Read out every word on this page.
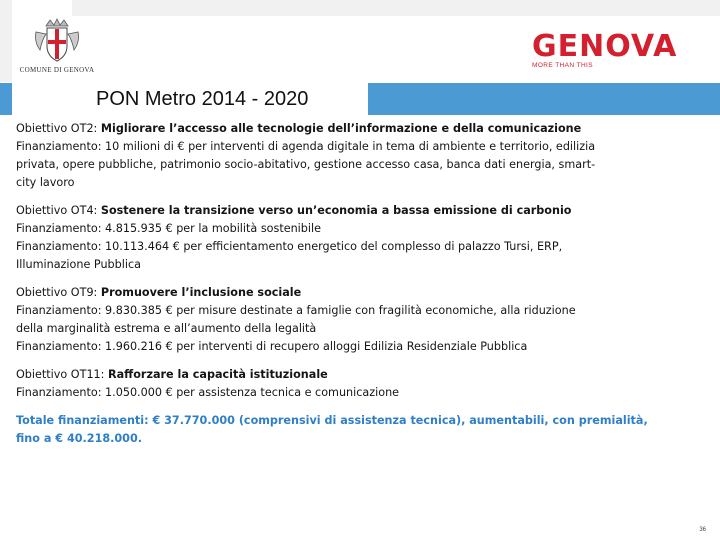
COMUNE DI GENOVA
GENOVA
MORE THAN THIS
PON Metro 2014 - 2020
Obiettivo OT2: Migliorare l’accesso alle tecnologie dell’informazione e della comunicazione
Finanziamento: 10 milioni di € per interventi di agenda digitale in tema di ambiente e territorio, edilizia
privata, opere pubbliche, patrimonio socio-abitativo, gestione accesso casa, banca dati energia, smart-
city lavoro
Obiettivo OT4: Sostenere la transizione verso un’economia a bassa emissione di carbonio
Finanziamento: 4.815.935 € per la mobilità sostenibile
Finanziamento: 10.113.464 € per efficientamento energetico del complesso di palazzo Tursi, ERP,
Illuminazione Pubblica
Obiettivo OT9: Promuovere l’inclusione sociale
Finanziamento: 9.830.385 € per misure destinate a famiglie con fragilità economiche, alla riduzione
della marginalità estrema e all’aumento della legalità
Finanziamento: 1.960.216 € per interventi di recupero alloggi Edilizia Residenziale Pubblica
Obiettivo OT11: Rafforzare la capacità istituzionale
Finanziamento: 1.050.000 € per assistenza tecnica e comunicazione
Totale finanziamenti: € 37.770.000 (comprensivi di assistenza tecnica), aumentabili, con premialità,
fino a € 40.218.000.
36
